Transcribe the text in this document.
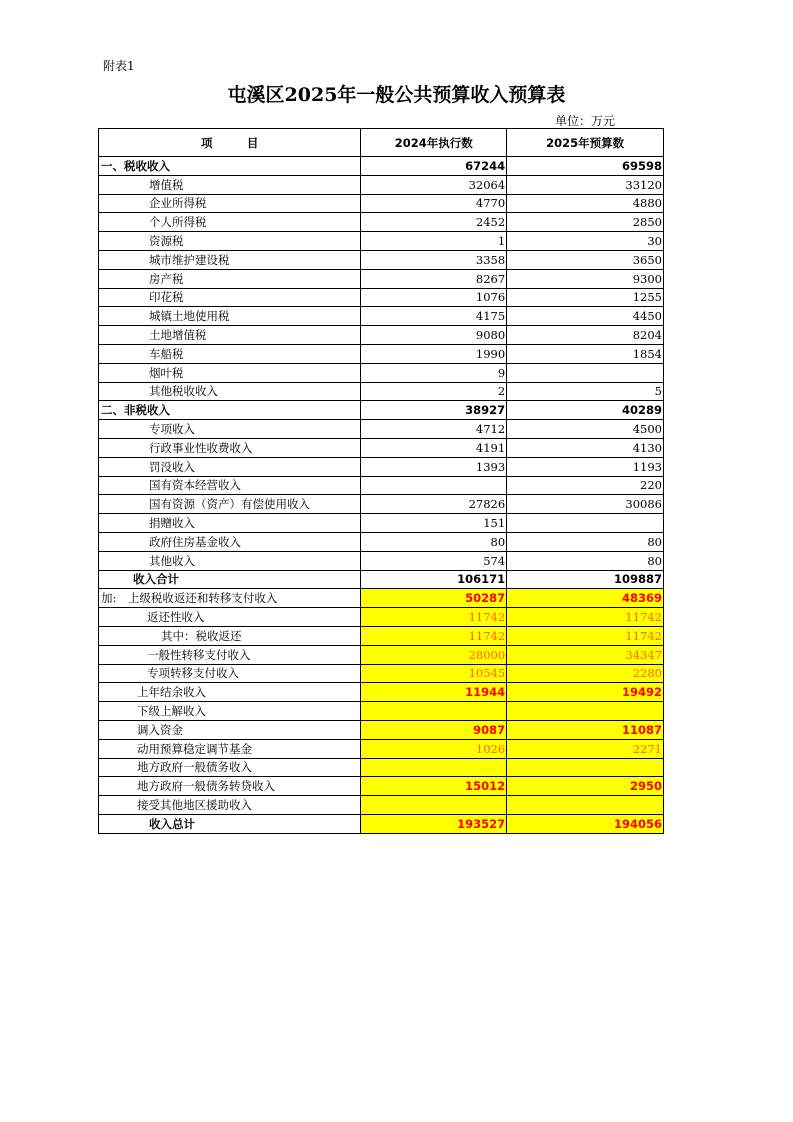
附表1
屯溪区2025年一般公共预算收入预算表
单位：万元
项　　　目	2024年执行数	2025年预算数
一、税收收入	67244	69598
增值税	32064	33120
企业所得税	4770	4880
个人所得税	2452	2850
资源税	1	30
城市维护建设税	3358	3650
房产税	8267	9300
印花税	1076	1255
城镇土地使用税	4175	4450
土地增值税	9080	8204
车船税	1990	1854
烟叶税	9	
其他税收收入	2	5
二、非税收入	38927	40289
专项收入	4712	4500
行政事业性收费收入	4191	4130
罚没收入	1393	1193
国有资本经营收入		220
国有资源（资产）有偿使用收入	27826	30086
捐赠收入	151	
政府住房基金收入	80	80
其他收入	574	80
收入合计	106171	109887
加:　上级税收返还和转移支付收入	50287	48369
返还性收入	11742	11742
其中：税收返还	11742	11742
一般性转移支付收入	28000	34347
专项转移支付收入	10545	2280
上年结余收入	11944	19492
下级上解收入		
调入资金	9087	11087
动用预算稳定调节基金	1026	2271
地方政府一般债务收入		
地方政府一般债务转贷收入	15012	2950
接受其他地区援助收入		
收入总计	193527	194056
